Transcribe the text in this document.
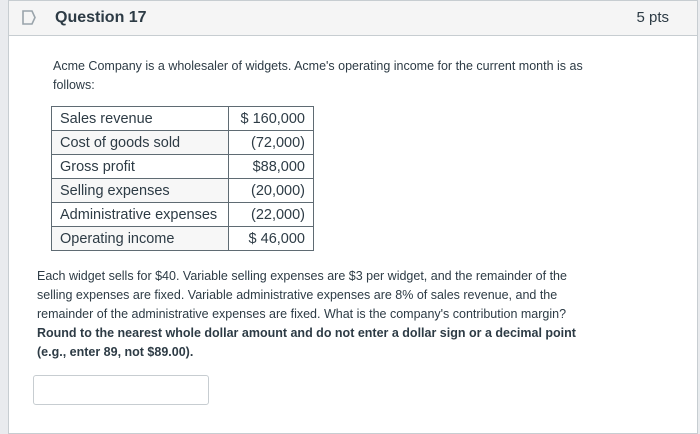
Question 17	5 pts
Acme Company is a wholesaler of widgets. Acme's operating income for the current month is as follows:
Sales revenue	$ 160,000
Cost of goods sold	(72,000)
Gross profit	$88,000
Selling expenses	(20,000)
Administrative expenses	(22,000)
Operating income	$ 46,000
Each widget sells for $40. Variable selling expenses are $3 per widget, and the remainder of the selling expenses are fixed. Variable administrative expenses are 8% of sales revenue, and the remainder of the administrative expenses are fixed. What is the company's contribution margin? Round to the nearest whole dollar amount and do not enter a dollar sign or a decimal point (e.g., enter 89, not $89.00).
